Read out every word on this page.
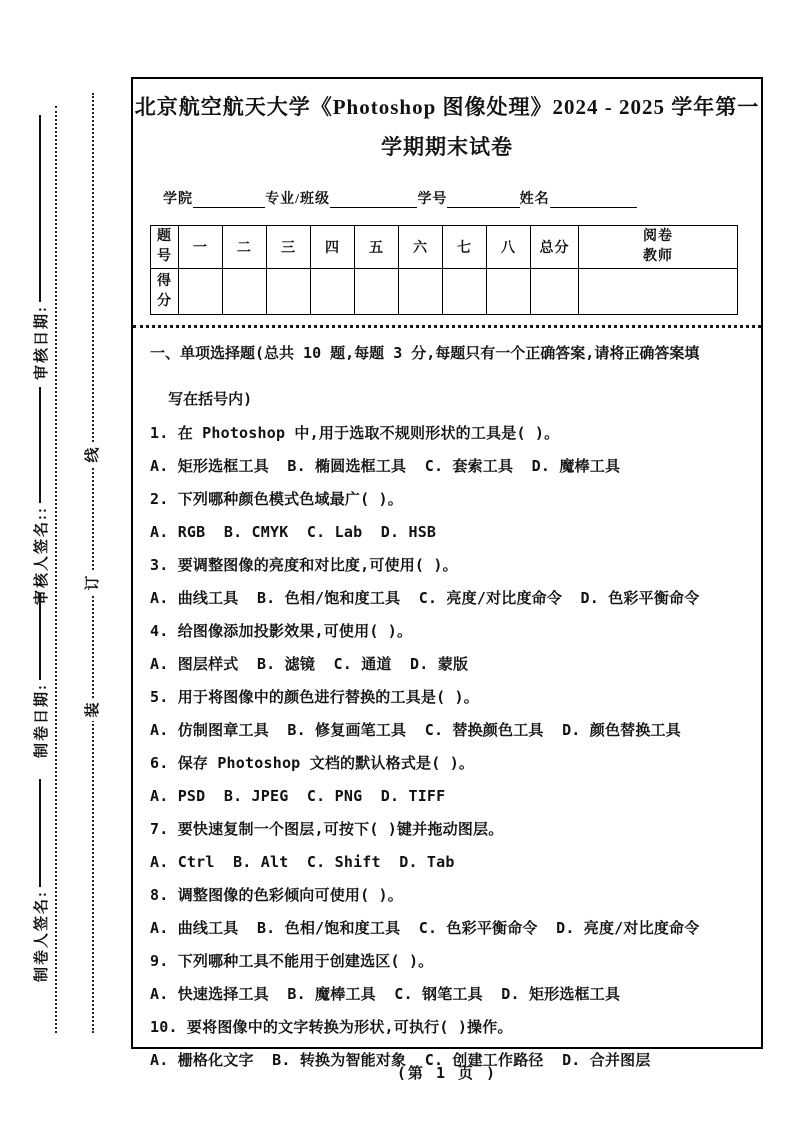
审核日期:
审核人签名::
制卷日期:
制卷人签名:
线
订
装
北京航空航天大学《Photoshop 图像处理》2024 - 2025 学年第一
学期期末试卷
学院	专业/班级	学号	姓名
题号	一	二	三	四	五	六	七	八	总分	阅卷教师
得分										
一、单项选择题(总共 10 题,每题 3 分,每题只有一个正确答案,请将正确答案填

写在括号内)
1. 在 Photoshop 中,用于选取不规则形状的工具是( )。
A. 矩形选框工具  B. 椭圆选框工具  C. 套索工具  D. 魔棒工具
2. 下列哪种颜色模式色域最广( )。
A. RGB  B. CMYK  C. Lab  D. HSB
3. 要调整图像的亮度和对比度,可使用( )。
A. 曲线工具  B. 色相/饱和度工具  C. 亮度/对比度命令  D. 色彩平衡命令
4. 给图像添加投影效果,可使用( )。
A. 图层样式  B. 滤镜  C. 通道  D. 蒙版
5. 用于将图像中的颜色进行替换的工具是( )。
A. 仿制图章工具  B. 修复画笔工具  C. 替换颜色工具  D. 颜色替换工具
6. 保存 Photoshop 文档的默认格式是( )。
A. PSD  B. JPEG  C. PNG  D. TIFF
7. 要快速复制一个图层,可按下( )键并拖动图层。
A. Ctrl  B. Alt  C. Shift  D. Tab
8. 调整图像的色彩倾向可使用( )。
A. 曲线工具  B. 色相/饱和度工具  C. 色彩平衡命令  D. 亮度/对比度命令
9. 下列哪种工具不能用于创建选区( )。
A. 快速选择工具  B. 魔棒工具  C. 钢笔工具  D. 矩形选框工具
10. 要将图像中的文字转换为形状,可执行( )操作。
A. 栅格化文字  B. 转换为智能对象  C. 创建工作路径  D. 合并图层
(第 1 页 )
